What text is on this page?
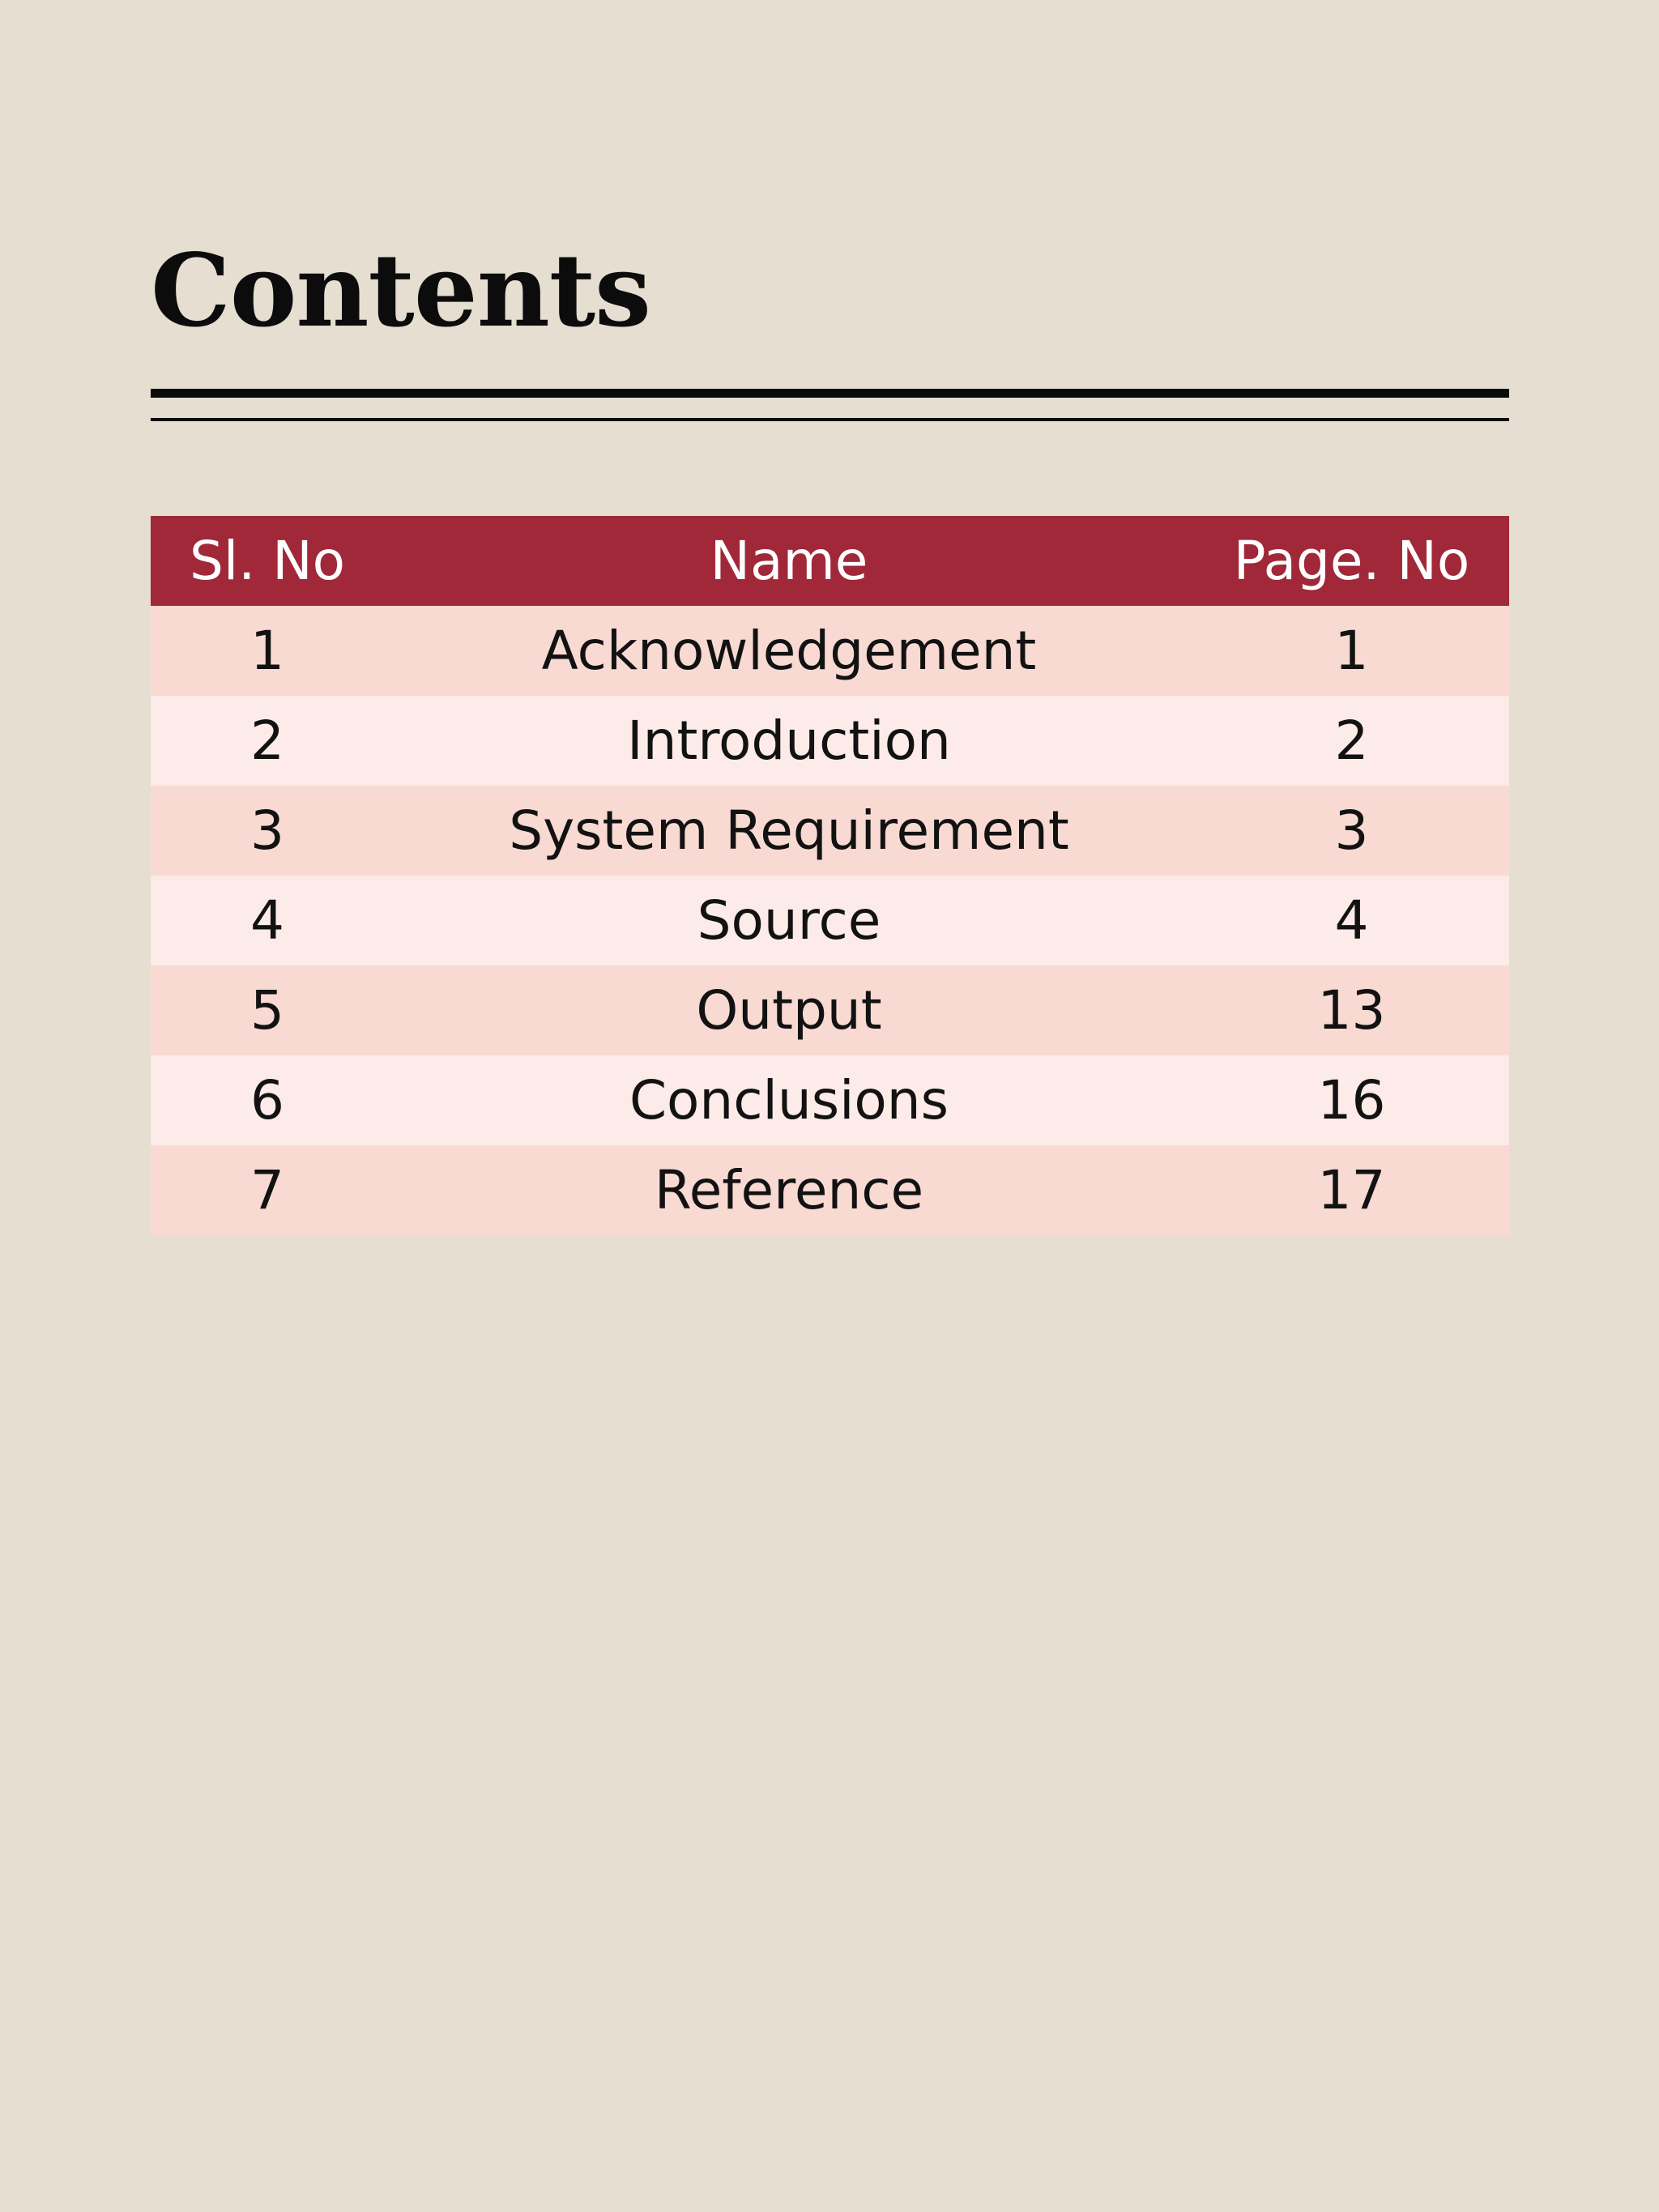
Contents
Sl. No	Name	Page. No
1	Acknowledgement	1
2	Introduction	2
3	System Requirement	3
4	Source	4
5	Output	13
6	Conclusions	16
7	Reference	17
